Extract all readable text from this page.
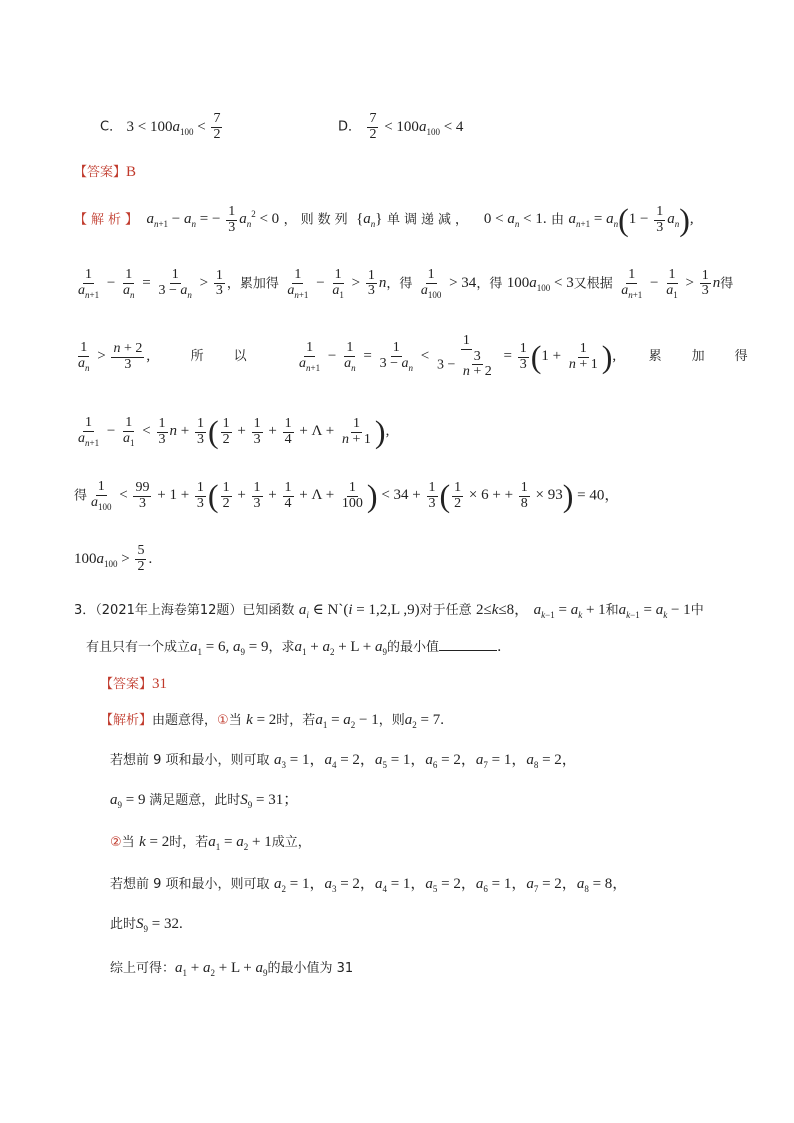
C． $3 < 100a_{100} < \frac{7}{2}$	D． $\frac{7}{2} < 100a_{100} < 4$
【答案】B
【解析】 $a_{n+1} - a_n$ = − $\frac{1}{3} a_n^2 < 0$ ，则数列 $\{a_n\}$ 单调递减，   $0 < a_n < 1$. 由 $a_{n+1} = a_n(1 - \frac{1}{3} a_n)$,
$\frac{1}{a_{n+1}} - \frac{1}{a_n} = \frac{1}{3 - a_n} > \frac{1}{3}$ ，累加得 $\frac{1}{a_{n+1}} - \frac{1}{a_1} > \frac{1}{3}$ n，得 $\frac{1}{a_{100}} > 34$，得 $100a_{100} < 3$又根据 $\frac{1}{a_{n+1}} - \frac{1}{a_1} > \frac{1}{3}$ n得
$\frac{1}{a_n} > \frac{n + 2}{3}$ ,	所以 $\frac{1}{a_{n+1}} - \frac{1}{a_n} = \frac{1}{3 - a_n} < \frac{1}{3 - \frac{3}{n + 2}} = \frac{1}{3} (1 + \frac{1}{n + 1}$ ), 累加得
$\frac{1}{a_{n+1}} - \frac{1}{a_1} < \frac{1}{3}$ $n + \frac{1}{3}$ ( $\frac{1}{2} + \frac{1}{3} + \frac{1}{4} + \Lambda + \frac{1}{n + 1}$ ),
得 $\frac{1}{a_{100}} < \frac{99}{3} + 1 + \frac{1}{3}$ ( $\frac{1}{2} + \frac{1}{3} + \frac{1}{4} + \Lambda + \frac{1}{100}$ ) < $34 + \frac{1}{3}$ ( $\frac{1}{2} \times 6$ + + $\frac{1}{8} \times 93) = 40$，
$100a_{100} > \frac{5}{2}$ .
3．（2021年上海卷第12题）已知函数 $a_i$ ∈ N`(i = 1,2,L ,9)对于任意 2≤k≤8， $a_{k-1} = a_k + 1$和$a_{k-1} = a_k - 1$中
有且只有一个成立$a_1 = 6$, $a_9 = 9$，求$a_1 + a_2 + L + a_9$的最小值	.
【答案】31
【解析】由题意得，①当 k = 2时，若$a_1 = a_2 - 1$，则$a_2 = 7$.
若想前 9 项和最小，则可取 $a_3 = 1$，$a_4 = 2$，$a_5 = 1$，$a_6 = 2$，$a_7 = 1$，$a_8 = 2$，
$a_9 = 9$ 满足题意，此时$S_9 = 31$；
②当 k = 2时，若$a_1 = a_2 + 1$成立，
若想前 9 项和最小，则可取 $a_2 = 1$，$a_3 = 2$，$a_4 = 1$，$a_5 = 2$，$a_6 = 1$，$a_7 = 2$，$a_8 = 8$，
此时$S_9 = 32$.
综上可得：$a_1 + a_2 + L + a_9$的最小值为 31
